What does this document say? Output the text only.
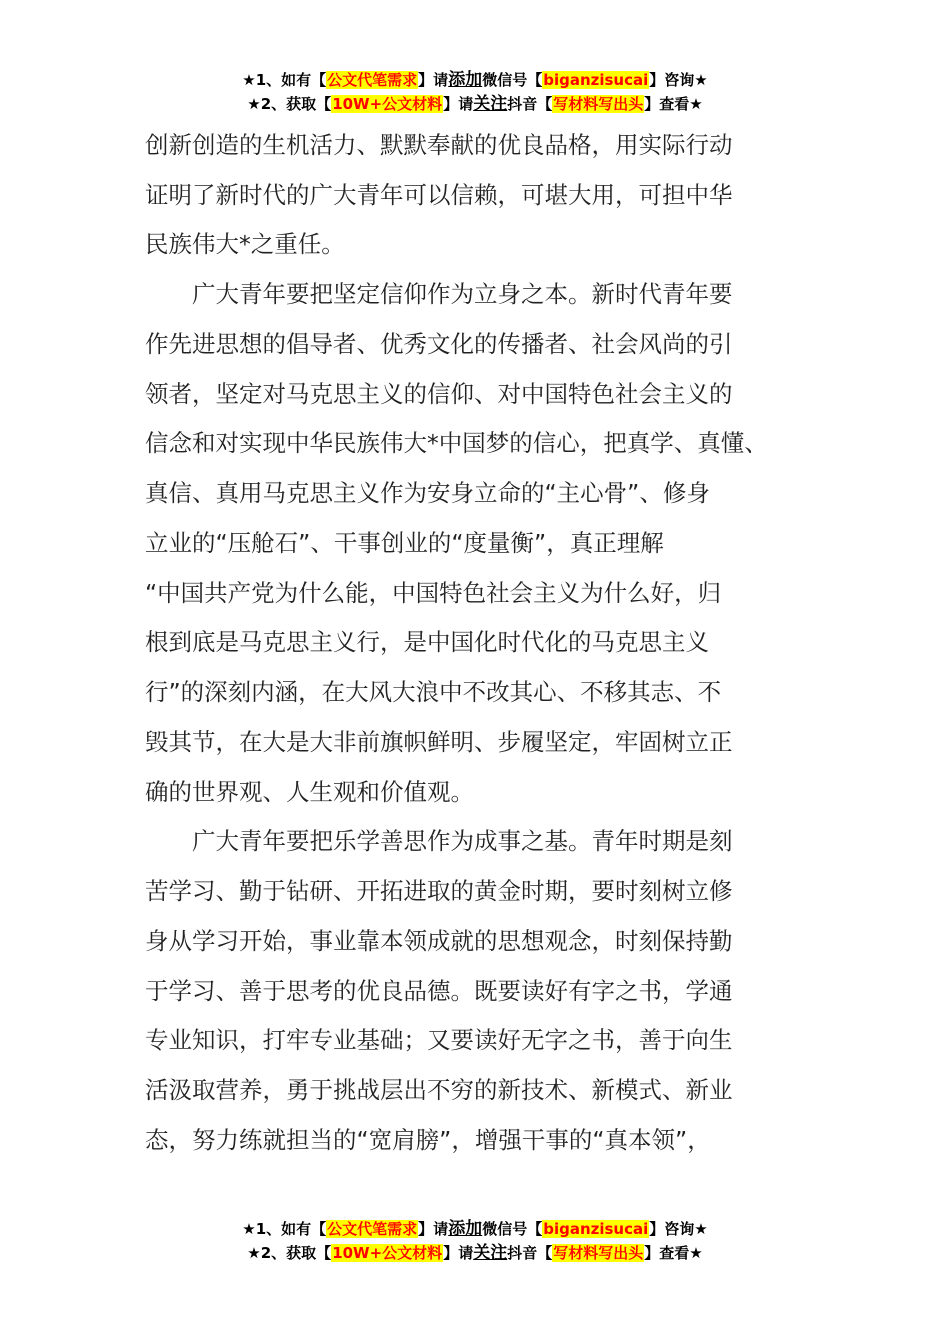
★1、如有【公文代笔需求】请添加微信号【biganzisucai】咨询★
★2、获取【10W+公文材料】请关注抖音【写材料写出头】查看★
创新创造的生机活力、默默奉献的优良品格，用实际行动
证明了新时代的广大青年可以信赖，可堪大用，可担中华
民族伟大*之重任。
　　广大青年要把坚定信仰作为立身之本。新时代青年要
作先进思想的倡导者、优秀文化的传播者、社会风尚的引
领者，坚定对马克思主义的信仰、对中国特色社会主义的
信念和对实现中华民族伟大*中国梦的信心，把真学、真懂、
真信、真用马克思主义作为安身立命的“主心骨”、修身
立业的“压舱石”、干事创业的“度量衡”，真正理解
“中国共产党为什么能，中国特色社会主义为什么好，归
根到底是马克思主义行，是中国化时代化的马克思主义
行”的深刻内涵，在大风大浪中不改其心、不移其志、不
毁其节，在大是大非前旗帜鲜明、步履坚定，牢固树立正
确的世界观、人生观和价值观。
　　广大青年要把乐学善思作为成事之基。青年时期是刻
苦学习、勤于钻研、开拓进取的黄金时期，要时刻树立修
身从学习开始，事业靠本领成就的思想观念，时刻保持勤
于学习、善于思考的优良品德。既要读好有字之书，学通
专业知识，打牢专业基础；又要读好无字之书，善于向生
活汲取营养，勇于挑战层出不穷的新技术、新模式、新业
态，努力练就担当的“宽肩膀”，增强干事的“真本领”，
★1、如有【公文代笔需求】请添加微信号【biganzisucai】咨询★
★2、获取【10W+公文材料】请关注抖音【写材料写出头】查看★
